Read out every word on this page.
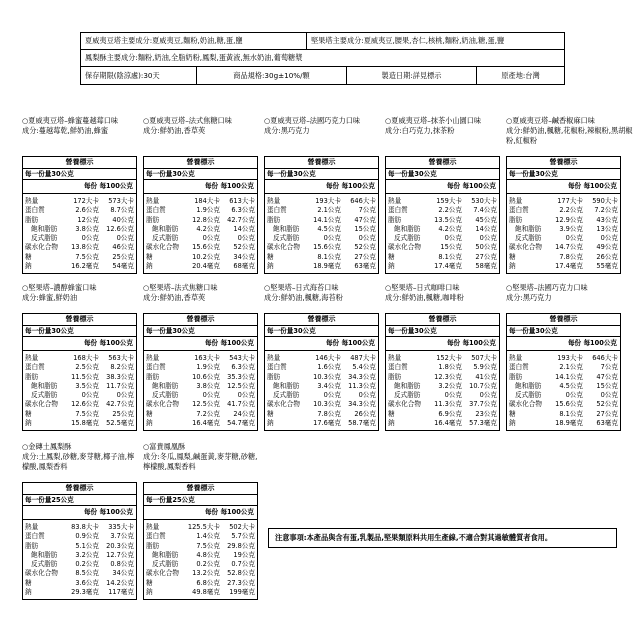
夏威夷豆塔主要成分:夏威夷豆,麵粉,奶油,糖,蛋,鹽	堅果塔主要成分:夏威夷豆,腰果,杏仁,核桃,麵粉,奶油,糖,蛋,鹽
鳳梨酥主要成分:麵粉,奶油,全脂奶粉,鳳梨,蛋黃液,無水奶油,葡萄糖漿
保存期限(陰涼處):30天	商品規格:30g±10%/顆	製造日期:詳見標示	原產地:台灣
○夏威夷豆塔–蜂蜜蔓越莓口味
成分:蔓越莓乾,鮮奶油,蜂蜜
營養標示
每一份量30公克
每份 每100公克
熱量	172大卡	573大卡
蛋白質	2.6公克	8.7公克
脂肪	12公克	40公克
飽和脂肪	3.8公克	12.6公克
反式脂肪	0公克	0公克
碳水化合物	13.8公克	46公克
糖	7.5公克	25公克
鈉	16.2毫克	54毫克
○夏威夷豆塔–法式焦糖口味
成分:鮮奶油,香草莢
營養標示
每一份量30公克
每份 每100公克
熱量	184大卡	613大卡
蛋白質	1.9公克	6.3公克
脂肪	12.8公克	42.7公克
飽和脂肪	4.2公克	14公克
反式脂肪	0公克	0公克
碳水化合物	15.6公克	52公克
糖	10.2公克	34公克
鈉	20.4毫克	68毫克
○夏威夷豆塔–法國巧克力口味
成分:黑巧克力
營養標示
每一份量30公克
每份 每100公克
熱量	193大卡	646大卡
蛋白質	2.1公克	7公克
脂肪	14.1公克	47公克
飽和脂肪	4.5公克	15公克
反式脂肪	0公克	0公克
碳水化合物	15.6公克	52公克
糖	8.1公克	27公克
鈉	18.9毫克	63毫克
○夏威夷豆塔–抹茶小山園口味
成分:白巧克力,抹茶粉
營養標示
每一份量30公克
每份 每100公克
熱量	159大卡	530大卡
蛋白質	2.2公克	7.4公克
脂肪	13.5公克	45公克
飽和脂肪	4.2公克	14公克
反式脂肪	0公克	0公克
碳水化合物	15公克	50公克
糖	8.1公克	27公克
鈉	17.4毫克	58毫克
○夏威夷豆塔–鹹香椒麻口味
成分:鮮奶油,楓糖,花椒粉,辣椒粉,黑胡椒粉,紅椒粉
營養標示
每一份量30公克
每份 每100公克
熱量	177大卡	590大卡
蛋白質	2.2公克	7.2公克
脂肪	12.9公克	43公克
飽和脂肪	3.9公克	13公克
反式脂肪	0公克	0公克
碳水化合物	14.7公克	49公克
糖	7.8公克	26公克
鈉	17.4毫克	55毫克
○堅果塔–濃醇蜂蜜口味
成分:蜂蜜,鮮奶油
營養標示
每一份量30公克
每份 每100公克
熱量	168大卡	563大卡
蛋白質	2.5公克	8.2公克
脂肪	11.5公克	38.3公克
飽和脂肪	3.5公克	11.7公克
反式脂肪	0公克	0公克
碳水化合物	12.6公克	42.7公克
糖	7.5公克	25公克
鈉	15.8毫克	52.5毫克
○堅果塔–法式焦糖口味
成分:鮮奶油,香草莢
營養標示
每一份量30公克
每份 每100公克
熱量	163大卡	543大卡
蛋白質	1.9公克	6.3公克
脂肪	10.6公克	35.3公克
飽和脂肪	3.8公克	12.5公克
反式脂肪	0公克	0公克
碳水化合物	12.5公克	41.7公克
糖	7.2公克	24公克
鈉	16.4毫克	54.7毫克
○堅果塔–日式海苔口味
成分:鮮奶油,楓糖,海苔粉
營養標示
每一份量30公克
每份 每100公克
熱量	146大卡	487大卡
蛋白質	1.6公克	5.4公克
脂肪	10.3公克	34.3公克
飽和脂肪	3.4公克	11.3公克
反式脂肪	0公克	0公克
碳水化合物	10.3公克	34.3公克
糖	7.8公克	26公克
鈉	17.6毫克	58.7毫克
○堅果塔–日式咖啡口味
成分:鮮奶油,楓糖,咖啡粉
營養標示
每一份量30公克
每份 每100公克
熱量	152大卡	507大卡
蛋白質	1.8公克	5.9公克
脂肪	12.3公克	41公克
飽和脂肪	3.2公克	10.7公克
反式脂肪	0公克	0公克
碳水化合物	11.3公克	37.7公克
糖	6.9公克	23公克
鈉	16.4毫克	57.3毫克
○堅果塔–法國巧克力口味
成分:黑巧克力
營養標示
每一份量30公克
每份 每100公克
熱量	193大卡	646大卡
蛋白質	2.1公克	7公克
脂肪	14.1公克	47公克
飽和脂肪	4.5公克	15公克
反式脂肪	0公克	0公克
碳水化合物	15.6公克	52公克
糖	8.1公克	27公克
鈉	18.9毫克	63毫克
○金磚土鳳梨酥
成分:土鳳梨,砂糖,麥芽糖,椰子油,檸檬酸,鳳梨香料
營養標示
每一份量25公克
每份 每100公克
熱量	83.8大卡	335大卡
蛋白質	0.9公克	3.7公克
脂肪	5.1公克	20.3公克
飽和脂肪	3.2公克	12.7公克
反式脂肪	0.2公克	0.8公克
碳水化合物	8.5公克	34公克
糖	3.6公克	14.2公克
鈉	29.3毫克	117毫克
○富貴鳳凰酥
成分:冬瓜,鳳梨,鹹蛋黃,麥芽糖,砂糖,檸檬酸,鳳梨香料
營養標示
每一份量25公克
每份 每100公克
熱量	125.5大卡	502大卡
蛋白質	1.4公克	5.7公克
脂肪	7.5公克	29.8公克
飽和脂肪	4.8公克	19公克
反式脂肪	0.2公克	0.7公克
碳水化合物	13.2公克	52.8公克
糖	6.8公克	27.3公克
鈉	49.8毫克	199毫克
注意事項:本產品與含有蛋,乳製品,堅果類原料共用生產線,不適合對其過敏體質者食用。
